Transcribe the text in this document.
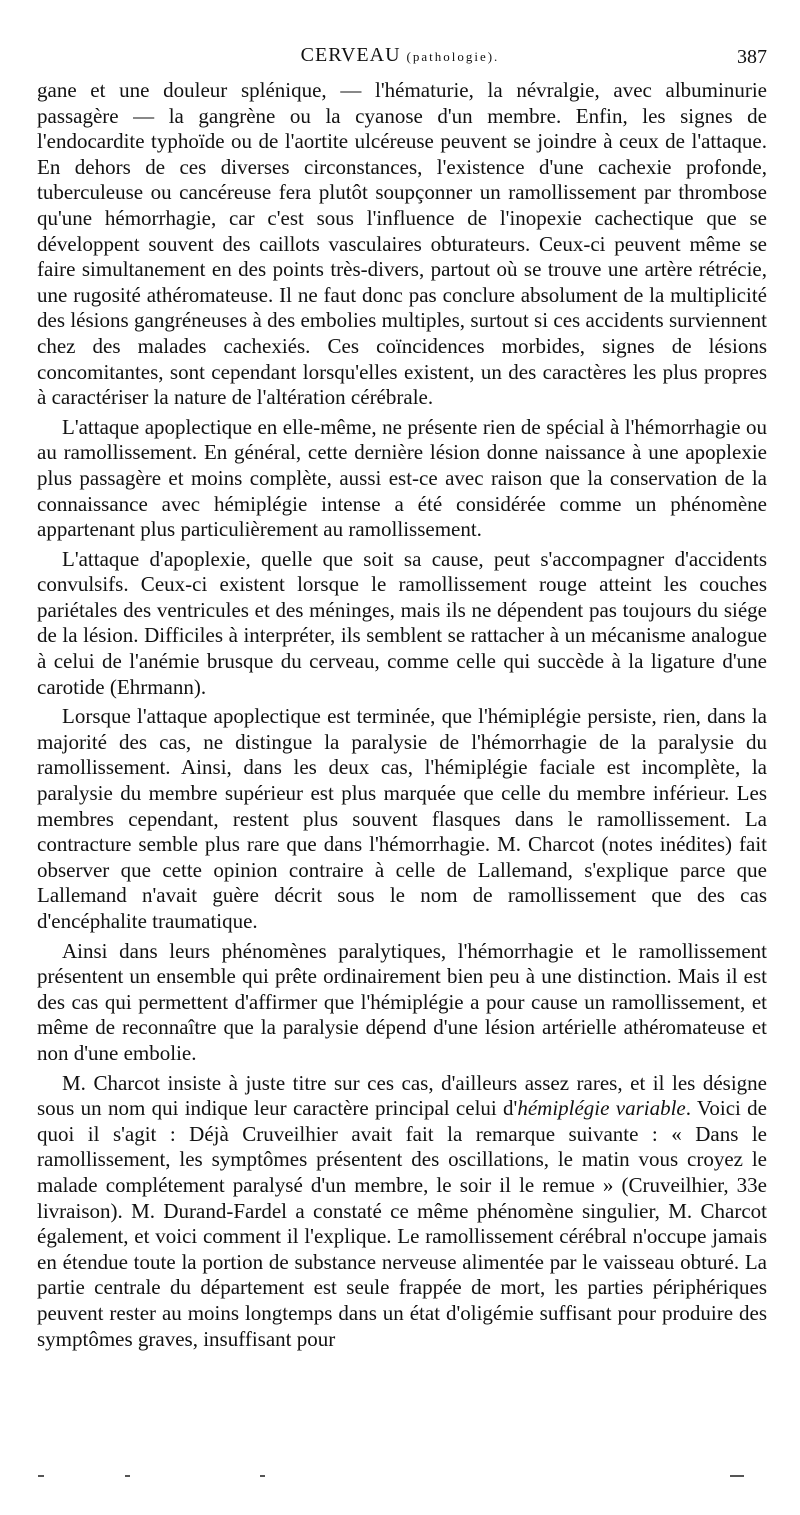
CERVEAU (pathologie).	387

gane et une douleur splénique, — l'hématurie, la névralgie, avec albuminurie passagère — la gangrène ou la cyanose d'un membre. Enfin, les signes de l'endocardite typhoïde ou de l'aortite ulcéreuse peuvent se joindre à ceux de l'attaque. En dehors de ces diverses circonstances, l'existence d'une cachexie profonde, tuberculeuse ou cancéreuse fera plutôt soupçonner un ramollissement par thrombose qu'une hémorrhagie, car c'est sous l'influence de l'inopexie cachectique que se développent souvent des caillots vasculaires obturateurs. Ceux-ci peuvent même se faire simultanement en des points très-divers, partout où se trouve une artère rétrécie, une rugosité athéromateuse. Il ne faut donc pas conclure absolument de la multiplicité des lésions gangréneuses à des embolies multiples, surtout si ces accidents surviennent chez des malades cachexiés. Ces coïncidences morbides, signes de lésions concomitantes, sont cependant lorsqu'elles existent, un des caractères les plus propres à caractériser la nature de l'altération cérébrale.

L'attaque apoplectique en elle-même, ne présente rien de spécial à l'hémorrhagie ou au ramollissement. En général, cette dernière lésion donne naissance à une apoplexie plus passagère et moins complète, aussi est-ce avec raison que la conservation de la connaissance avec hémiplégie intense a été considérée comme un phénomène appartenant plus particulièrement au ramollissement.

L'attaque d'apoplexie, quelle que soit sa cause, peut s'accompagner d'accidents convulsifs. Ceux-ci existent lorsque le ramollissement rouge atteint les couches pariétales des ventricules et des méninges, mais ils ne dépendent pas toujours du siége de la lésion. Difficiles à interpréter, ils semblent se rattacher à un mécanisme analogue à celui de l'anémie brusque du cerveau, comme celle qui succède à la ligature d'une carotide (Ehrmann).

Lorsque l'attaque apoplectique est terminée, que l'hémiplégie persiste, rien, dans la majorité des cas, ne distingue la paralysie de l'hémorrhagie de la paralysie du ramollissement. Ainsi, dans les deux cas, l'hémiplégie faciale est incomplète, la paralysie du membre supérieur est plus marquée que celle du membre inférieur. Les membres cependant, restent plus souvent flasques dans le ramollissement. La contracture semble plus rare que dans l'hémorrhagie. M. Charcot (notes inédites) fait observer que cette opinion contraire à celle de Lallemand, s'explique parce que Lallemand n'avait guère décrit sous le nom de ramollissement que des cas d'encéphalite traumatique.

Ainsi dans leurs phénomènes paralytiques, l'hémorrhagie et le ramollissement présentent un ensemble qui prête ordinairement bien peu à une distinction. Mais il est des cas qui permettent d'affirmer que l'hémiplégie a pour cause un ramollissement, et même de reconnaître que la paralysie dépend d'une lésion artérielle athéromateuse et non d'une embolie.

M. Charcot insiste à juste titre sur ces cas, d'ailleurs assez rares, et il les désigne sous un nom qui indique leur caractère principal celui d'hémiplégie variable. Voici de quoi il s'agit : Déjà Cruveilhier avait fait la remarque suivante : « Dans le ramollissement, les symptômes présentent des oscillations, le matin vous croyez le malade complétement paralysé d'un membre, le soir il le remue » (Cruveilhier, 33e livraison). M. Durand-Fardel a constaté ce même phénomène singulier, M. Charcot également, et voici comment il l'explique. Le ramollissement cérébral n'occupe jamais en étendue toute la portion de substance nerveuse alimentée par le vaisseau obturé. La partie centrale du département est seule frappée de mort, les parties périphériques peuvent rester au moins longtemps dans un état d'oligémie suffisant pour produire des symptômes graves, insuffisant pour
